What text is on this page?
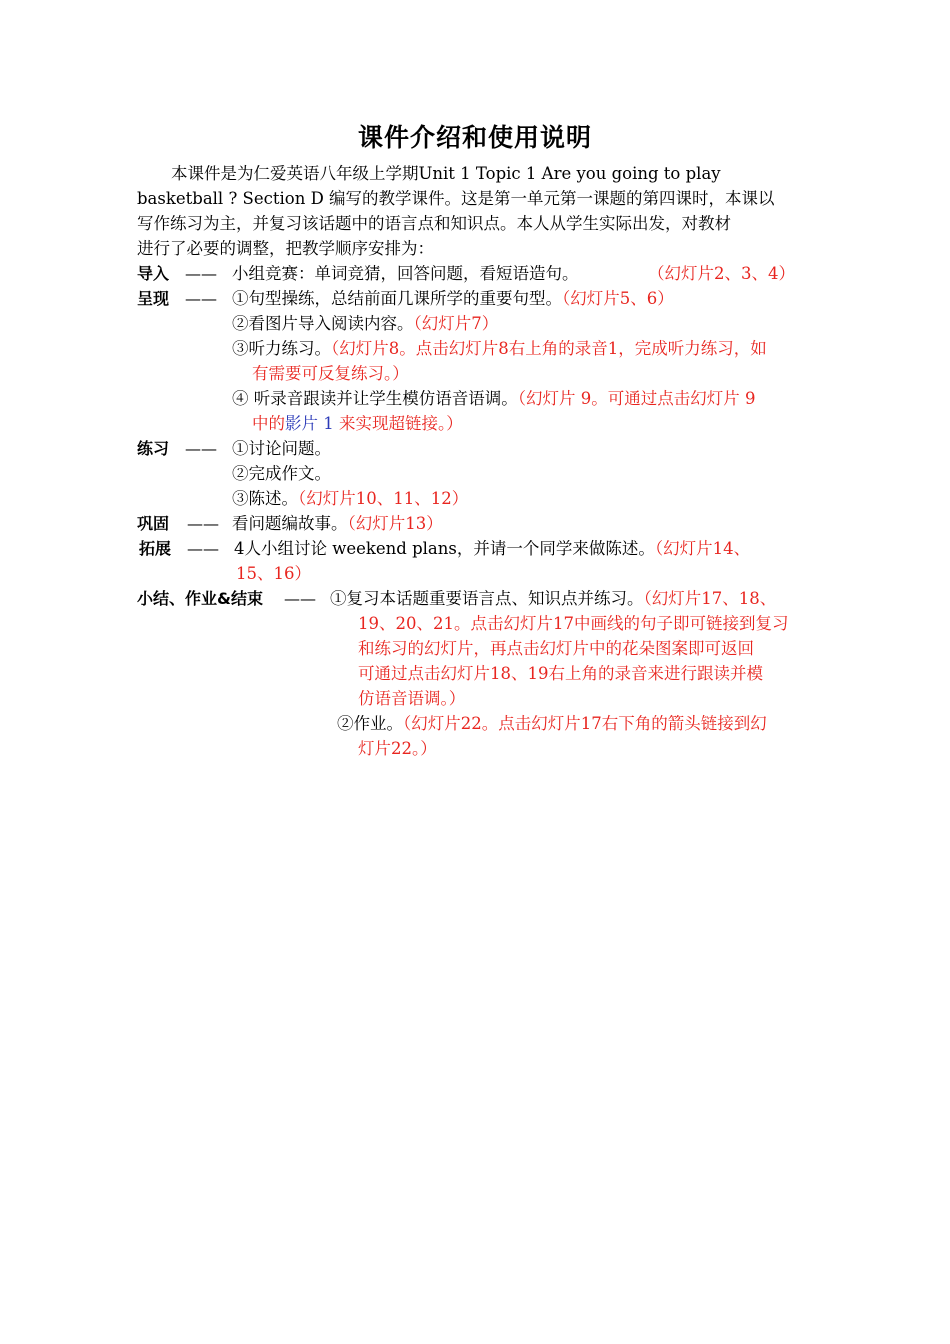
课件介绍和使用说明
本课件是为仁爱英语八年级上学期Unit 1 Topic 1 Are you going to play
basketball ? Section D 编写的教学课件。这是第一单元第一课题的第四课时，本课以
写作练习为主，并复习该话题中的语言点和知识点。本人从学生实际出发，对教材
进行了必要的调整，把教学顺序安排为：
导入 —— 小组竞赛：单词竞猜，回答问题，看短语造句。	（幻灯片2、3、4）
呈现 —— ①句型操练，总结前面几课所学的重要句型。（幻灯片5、6）
②看图片导入阅读内容。（幻灯片7）
③听力练习。（幻灯片8。点击幻灯片8右上角的录音1，完成听力练习，如
有需要可反复练习。）
④ 听录音跟读并让学生模仿语音语调。（幻灯片 9。可通过点击幻灯片 9
中的影片 1 来实现超链接。）
练习 —— ①讨论问题。
②完成作文。
③陈述。（幻灯片10、11、12）
巩固 —— 看问题编故事。（幻灯片13）
拓展 —— 4人小组讨论 weekend plans，并请一个同学来做陈述。（幻灯片14、
15、16）
小结、作业&结束 —— ①复习本话题重要语言点、知识点并练习。（幻灯片17、18、
19、20、21。点击幻灯片17中画线的句子即可链接到复习
和练习的幻灯片，再点击幻灯片中的花朵图案即可返回
可通过点击幻灯片18、19右上角的录音来进行跟读并模
仿语音语调。）
②作业。（幻灯片22。点击幻灯片17右下角的箭头链接到幻
灯片22。）
